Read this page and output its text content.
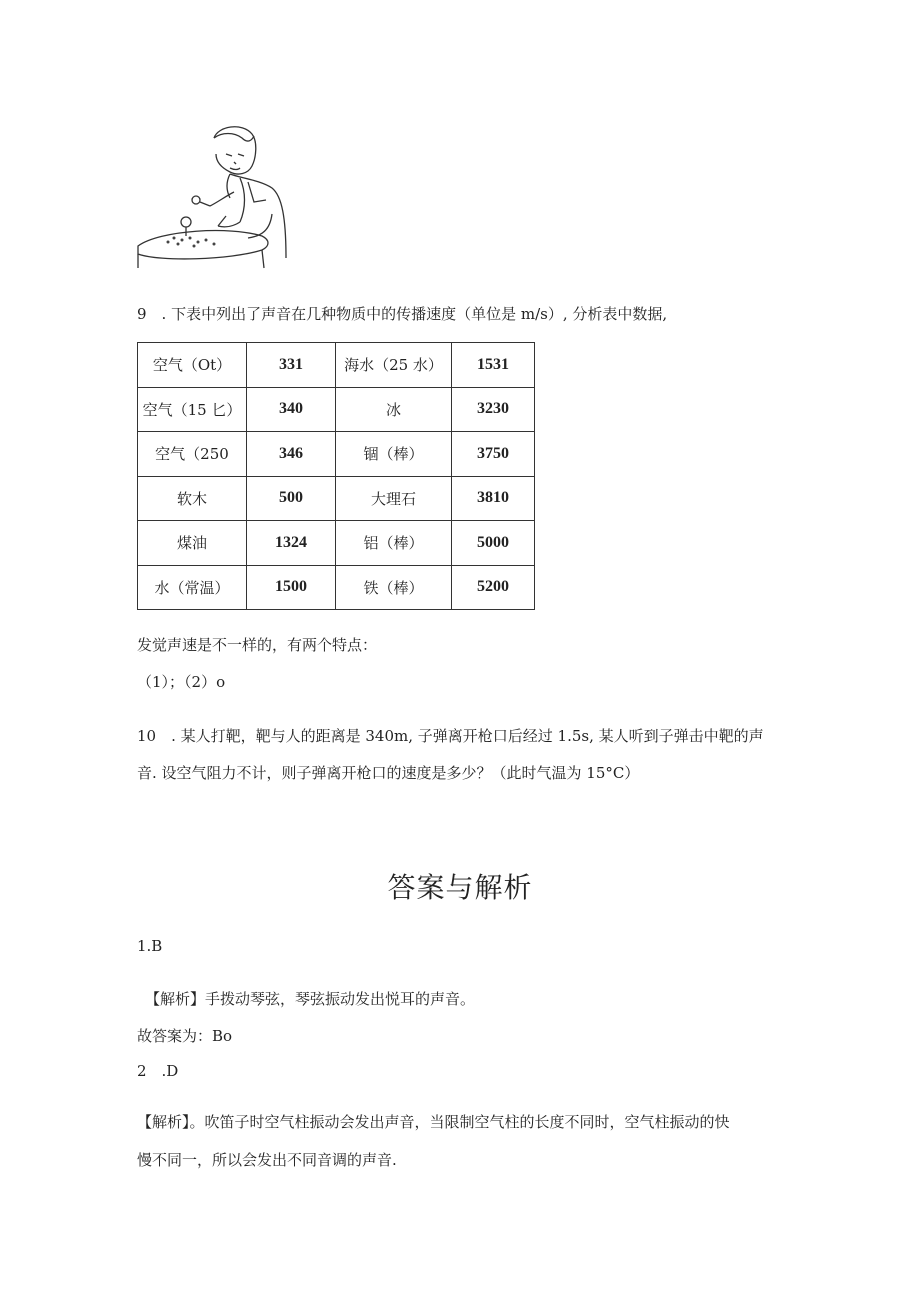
9　. 下表中列出了声音在几种物质中的传播速度（单位是 m/s）, 分析表中数据,
空气（Ot）	331	海水（25 水）	1531
空气（15 匕）	340	冰	3230
空气（250	346	锢（棒）	3750
软木	500	大理石	3810
煤油	1324	铝（棒）	5000
水（常温）	1500	铁（棒）	5200
发觉声速是不一样的，有两个特点：
（1）；（2）o
10　. 某人打靶，靶与人的距离是 340m, 子弹离开枪口后经过 1.5s, 某人听到子弹击中靶的声
音. 设空气阻力不计，则子弹离开枪口的速度是多少？（此时气温为 15°C）
答案与解析
1.B
【解析】手拨动琴弦，琴弦振动发出悦耳的声音。
故答案为：Bo
2　.D
【解析】。吹笛子时空气柱振动会发出声音，当限制空气柱的长度不同时，空气柱振动的快
慢不同一，所以会发出不同音调的声音.
